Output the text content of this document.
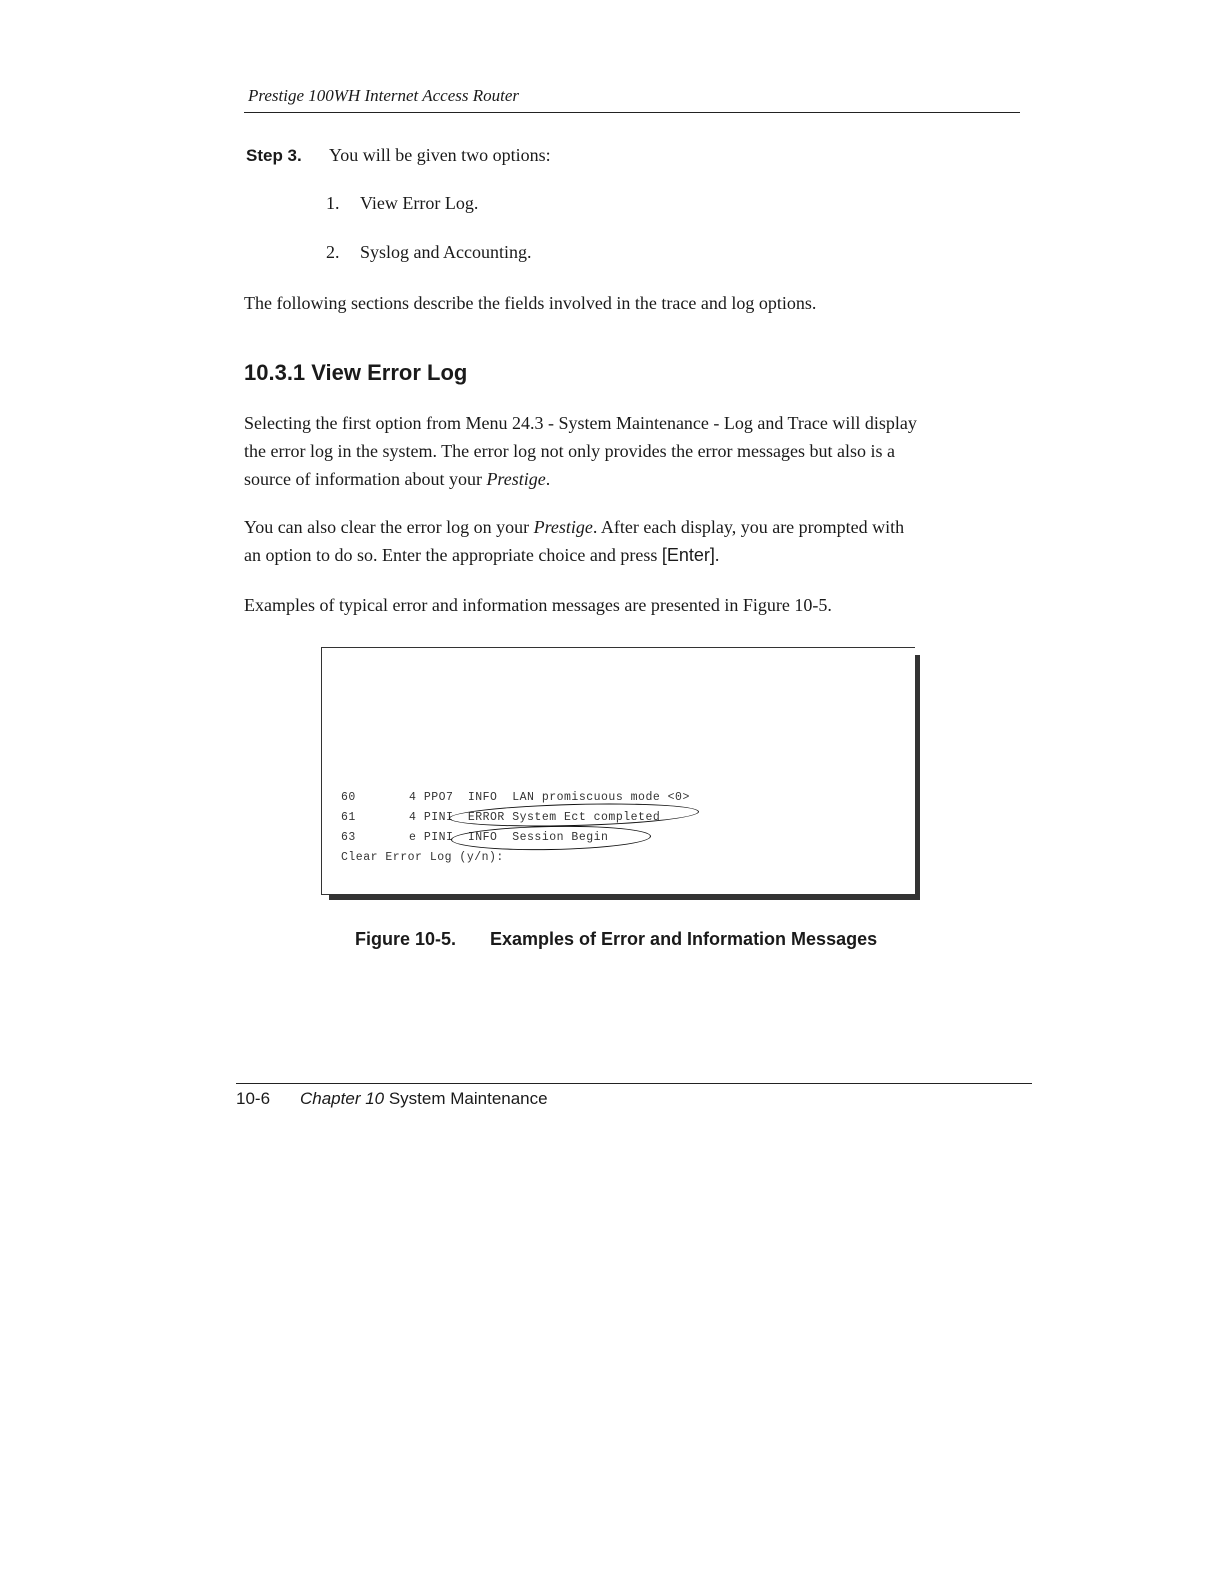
Prestige 100WH Internet Access Router
Step 3. You will be given two options:
1. View Error Log.
2. Syslog and Accounting.

The following sections describe the fields involved in the trace and log options.

10.3.1 View Error Log
Selecting the first option from Menu 24.3 - System Maintenance - Log and Trace will display
the error log in the system. The error log not only provides the error messages but also is a
source of information about your Prestige.
You can also clear the error log on your Prestige. After each display, you are prompted with
an option to do so. Enter the appropriate choice and press [Enter].

Examples of typical error and information messages are presented in Figure 10-5.

60	4 PPO7 INFO  LAN promiscuous mode <0>
61	4 PINI ERROR System Ect completed
63	e PINI INFO  Session Begin
Clear Error Log (y/n):
Figure 10-5. Examples of Error and Information Messages
10-6 Chapter 10 System Maintenance
